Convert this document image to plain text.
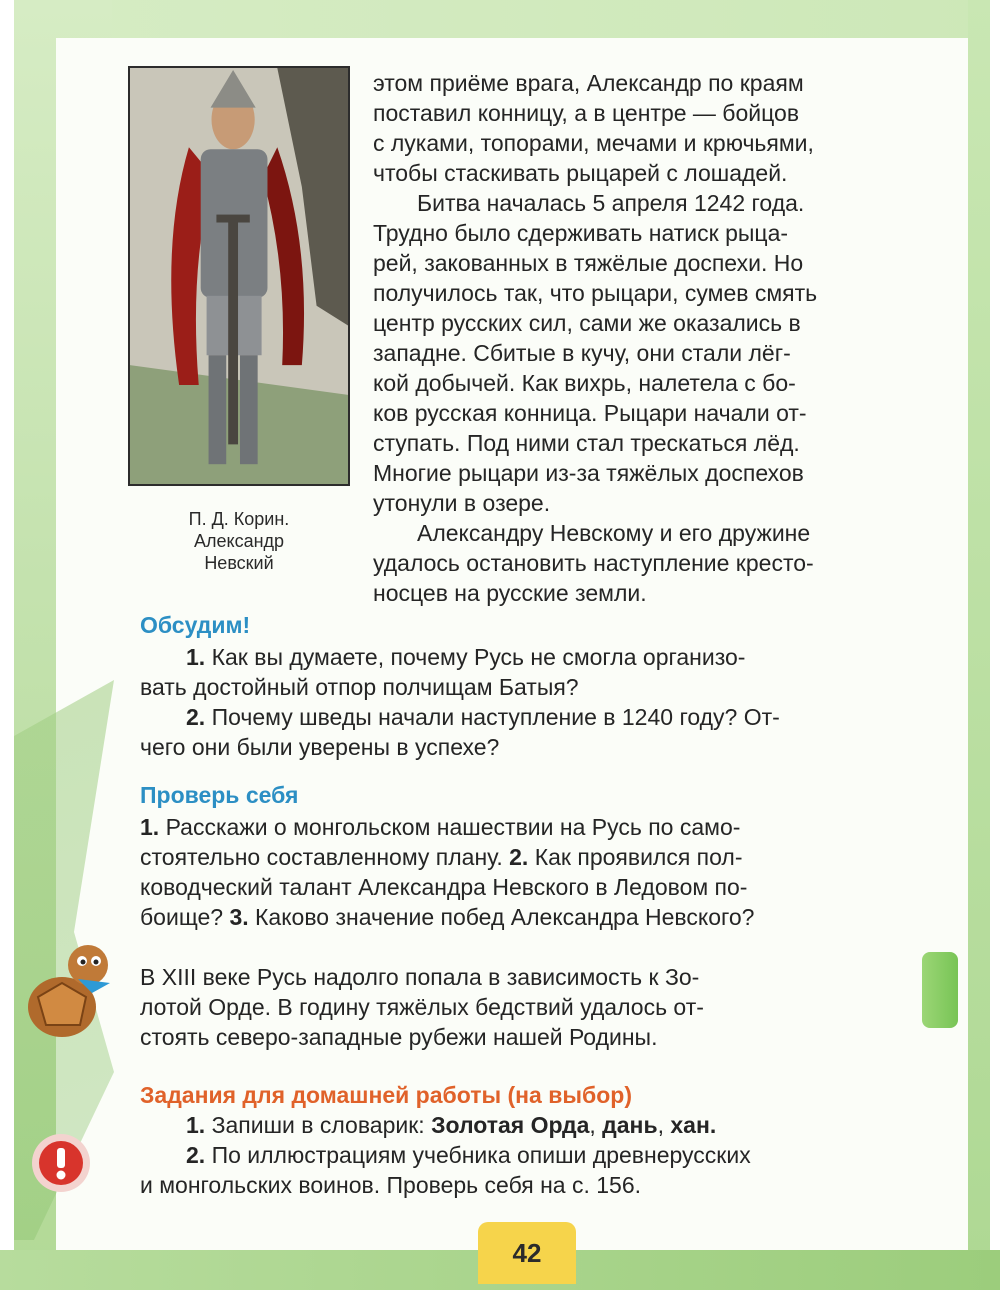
П. Д. Корин.
Александр
Невский
этом приёме врага, Александр по краям
поставил конницу, а в центре — бойцов
с луками, топорами, мечами и крючьями,
чтобы стаскивать рыцарей с лошадей.
Битва началась 5 апреля 1242 года.
Трудно было сдерживать натиск рыца-
рей, закованных в тяжёлые доспехи. Но
получилось так, что рыцари, сумев смять
центр русских сил, сами же оказались в
западне. Сбитые в кучу, они стали лёг-
кой добычей. Как вихрь, налетела с бо-
ков русская конница. Рыцари начали от-
ступать. Под ними стал трескаться лёд.
Многие рыцари из-за тяжёлых доспехов
утонули в озере.
Александру Невскому и его дружине
удалось остановить наступление кресто-
носцев на русские земли.
Обсудим!
1. Как вы думаете, почему Русь не смогла организо-
вать достойный отпор полчищам Батыя?
2. Почему шведы начали наступление в 1240 году? От-
чего они были уверены в успехе?
Проверь себя
1. Расскажи о монгольском нашествии на Русь по само-
стоятельно составленному плану. 2. Как проявился пол-
ководческий талант Александра Невского в Ледовом по-
боище? 3. Каково значение побед Александра Невского?
В XIII веке Русь надолго попала в зависимость к Зо-
лотой Орде. В годину тяжёлых бедствий удалось от-
стоять северо-западные рубежи нашей Родины.
Задания для домашней работы (на выбор)
1. Запиши в словарик: Золотая Орда, дань, хан.
2. По иллюстрациям учебника опиши древнерусских
и монгольских воинов. Проверь себя на с. 156.
42
